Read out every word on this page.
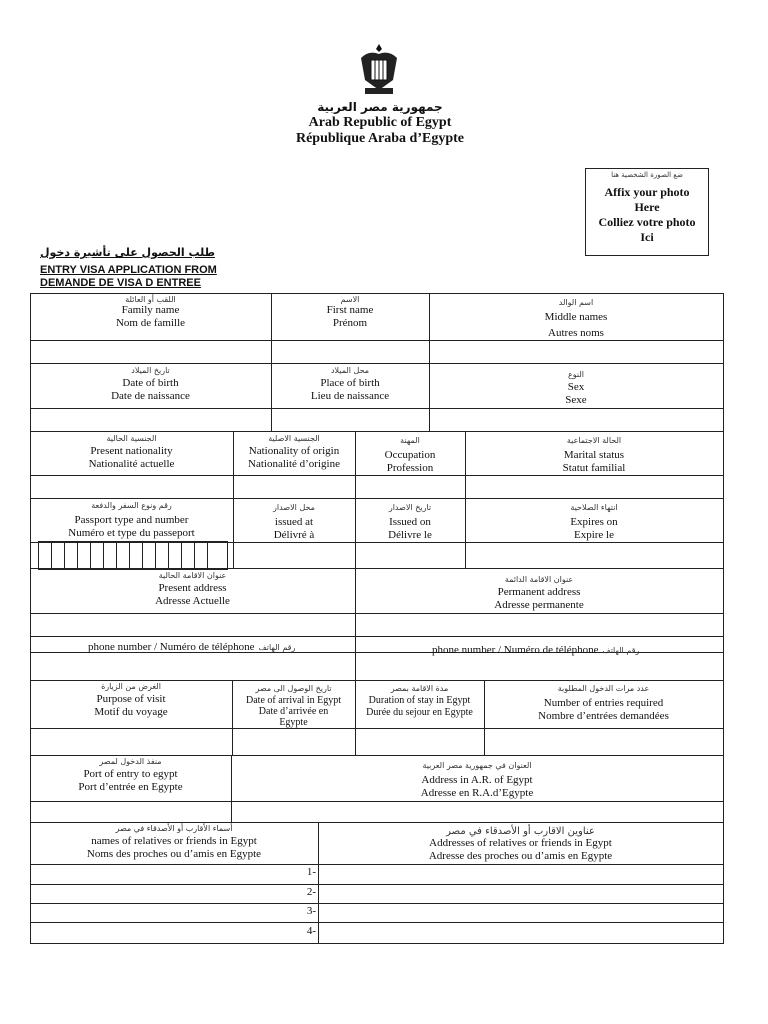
جمهورية مصر العربية
Arab Republic of Egypt
République Araba d’Egypte
ضع الصورة الشخصية هنا
Affix your photo
Here
Colliez votre photo
Ici
طلب الحصول على تأشيرة دخول
ENTRY VISA APPLICATION FROM
DEMANDE DE VISA D ENTREE
اللقب أو العائلة
Family name
Nom de famille
الاسم
First name
Prénom
اسم الوالد
Middle names
Autres noms
تاريخ الميلاد
Date of birth
Date de naissance
محل الميلاد
Place of birth
Lieu de naissance
النوع
Sex
Sexe
الجنسية الحالية
Present nationality
Nationalité actuelle
الجنسية الاصلية
Nationality of origin
Nationalité d’origine
المهنة
Occupation
Profession
الحالة الاجتماعية
Marital status
Statut familial
رقم ونوع السفر والدفعة
Passport type and number
Numéro et type du passeport
محل الاصدار
issued at
Délivré à
تاريخ الاصدار
Issued on
Délivre le
انتهاء الصلاحية
Expires on
Expire le
عنوان الاقامة الحالية
Present address
Adresse Actuelle
عنوان الاقامة الدائمة
Permanent address
Adresse permanente
phone number / Numéro de téléphone رقم الهاتف	phone number / Numéro de téléphone رقم الهاتف
الغرض من الزيارة
Purpose of visit
Motif du voyage
تاريخ الوصول الى مصر
Date of arrival in Egypt
Date d’arrivée en
Egypte
مدة الاقامة بمصر
Duration of stay in Egypt
Durée du sejour en Egypte
عدد مرات الدخول المطلوبة
Number of entries required
Nombre d’entrées demandées
منفذ الدخول لمصر
Port of entry to egypt
Port d’entrée en Egypte
العنوان في جمهورية مصر العربية
Address in A.R. of Egypt
Adresse en R.A.d’Egypte
أسماء الأقارب أو الأصدقاء في مصر
names of relatives or friends in Egypt
Noms des proches ou d’amis en Egypte
عناوين الاقارب أو الأصدقاء في مصر
Addresses of relatives or friends in Egypt
Adresse des proches ou d’amis en Egypte
1-
2-
3-
4-
